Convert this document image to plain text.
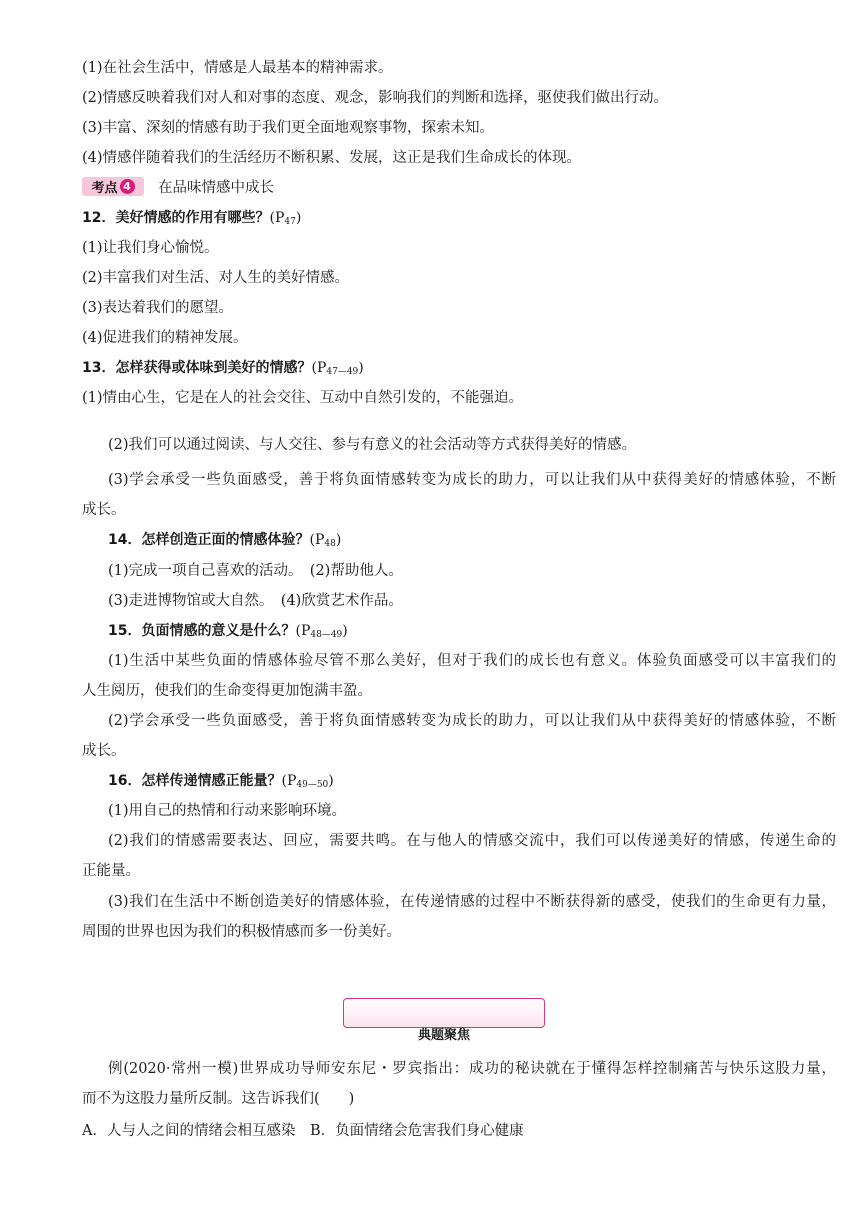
(1)在社会生活中，情感是人最基本的精神需求。
(2)情感反映着我们对人和对事的态度、观念，影响我们的判断和选择，驱使我们做出行动。
(3)丰富、深刻的情感有助于我们更全面地观察事物，探索未知。
(4)情感伴随着我们的生活经历不断积累、发展，这正是我们生命成长的体现。
考点 4 在品味情感中成长
12．美好情感的作用有哪些？$(P_{47})$
(1)让我们身心愉悦。
(2)丰富我们对生活、对人生的美好情感。
(3)表达着我们的愿望。
(4)促进我们的精神发展。
13．怎样获得或体味到美好的情感？$(P_{47—49})$
(1)情由心生，它是在人的社会交往、互动中自然引发的，不能强迫。
(2)我们可以通过阅读、与人交往、参与有意义的社会活动等方式获得美好的情感。
(3)学会承受一些负面感受，善于将负面情感转变为成长的助力，可以让我们从中获得美好的情感体验，不断
成长。
14．怎样创造正面的情感体验？$(P_{48})$
(1)完成一项自己喜欢的活动。　(2)帮助他人。
(3)走进博物馆或大自然。　(4)欣赏艺术作品。
15．负面情感的意义是什么？$(P_{48—49})$
(1)生活中某些负面的情感体验尽管不那么美好，但对于我们的成长也有意义。体验负面感受可以丰富我们的
人生阅历，使我们的生命变得更加饱满丰盈。
(2)学会承受一些负面感受，善于将负面情感转变为成长的助力，可以让我们从中获得美好的情感体验，不断
成长。
16．怎样传递情感正能量？$(P_{49—50})$
(1)用自己的热情和行动来影响环境。
(2)我们的情感需要表达、回应，需要共鸣。在与他人的情感交流中，我们可以传递美好的情感，传递生命的
正能量。
(3)我们在生活中不断创造美好的情感体验，在传递情感的过程中不断获得新的感受，使我们的生命更有力量，
周围的世界也因为我们的积极情感而多一份美好。
典题聚焦
例(2020·常州一模)世界成功导师安东尼・罗宾指出：成功的秘诀就在于懂得怎样控制痛苦与快乐这股力量，
而不为这股力量所反制。这告诉我们(　　)
A．人与人之间的情绪会相互感染　B．负面情绪会危害我们身心健康
